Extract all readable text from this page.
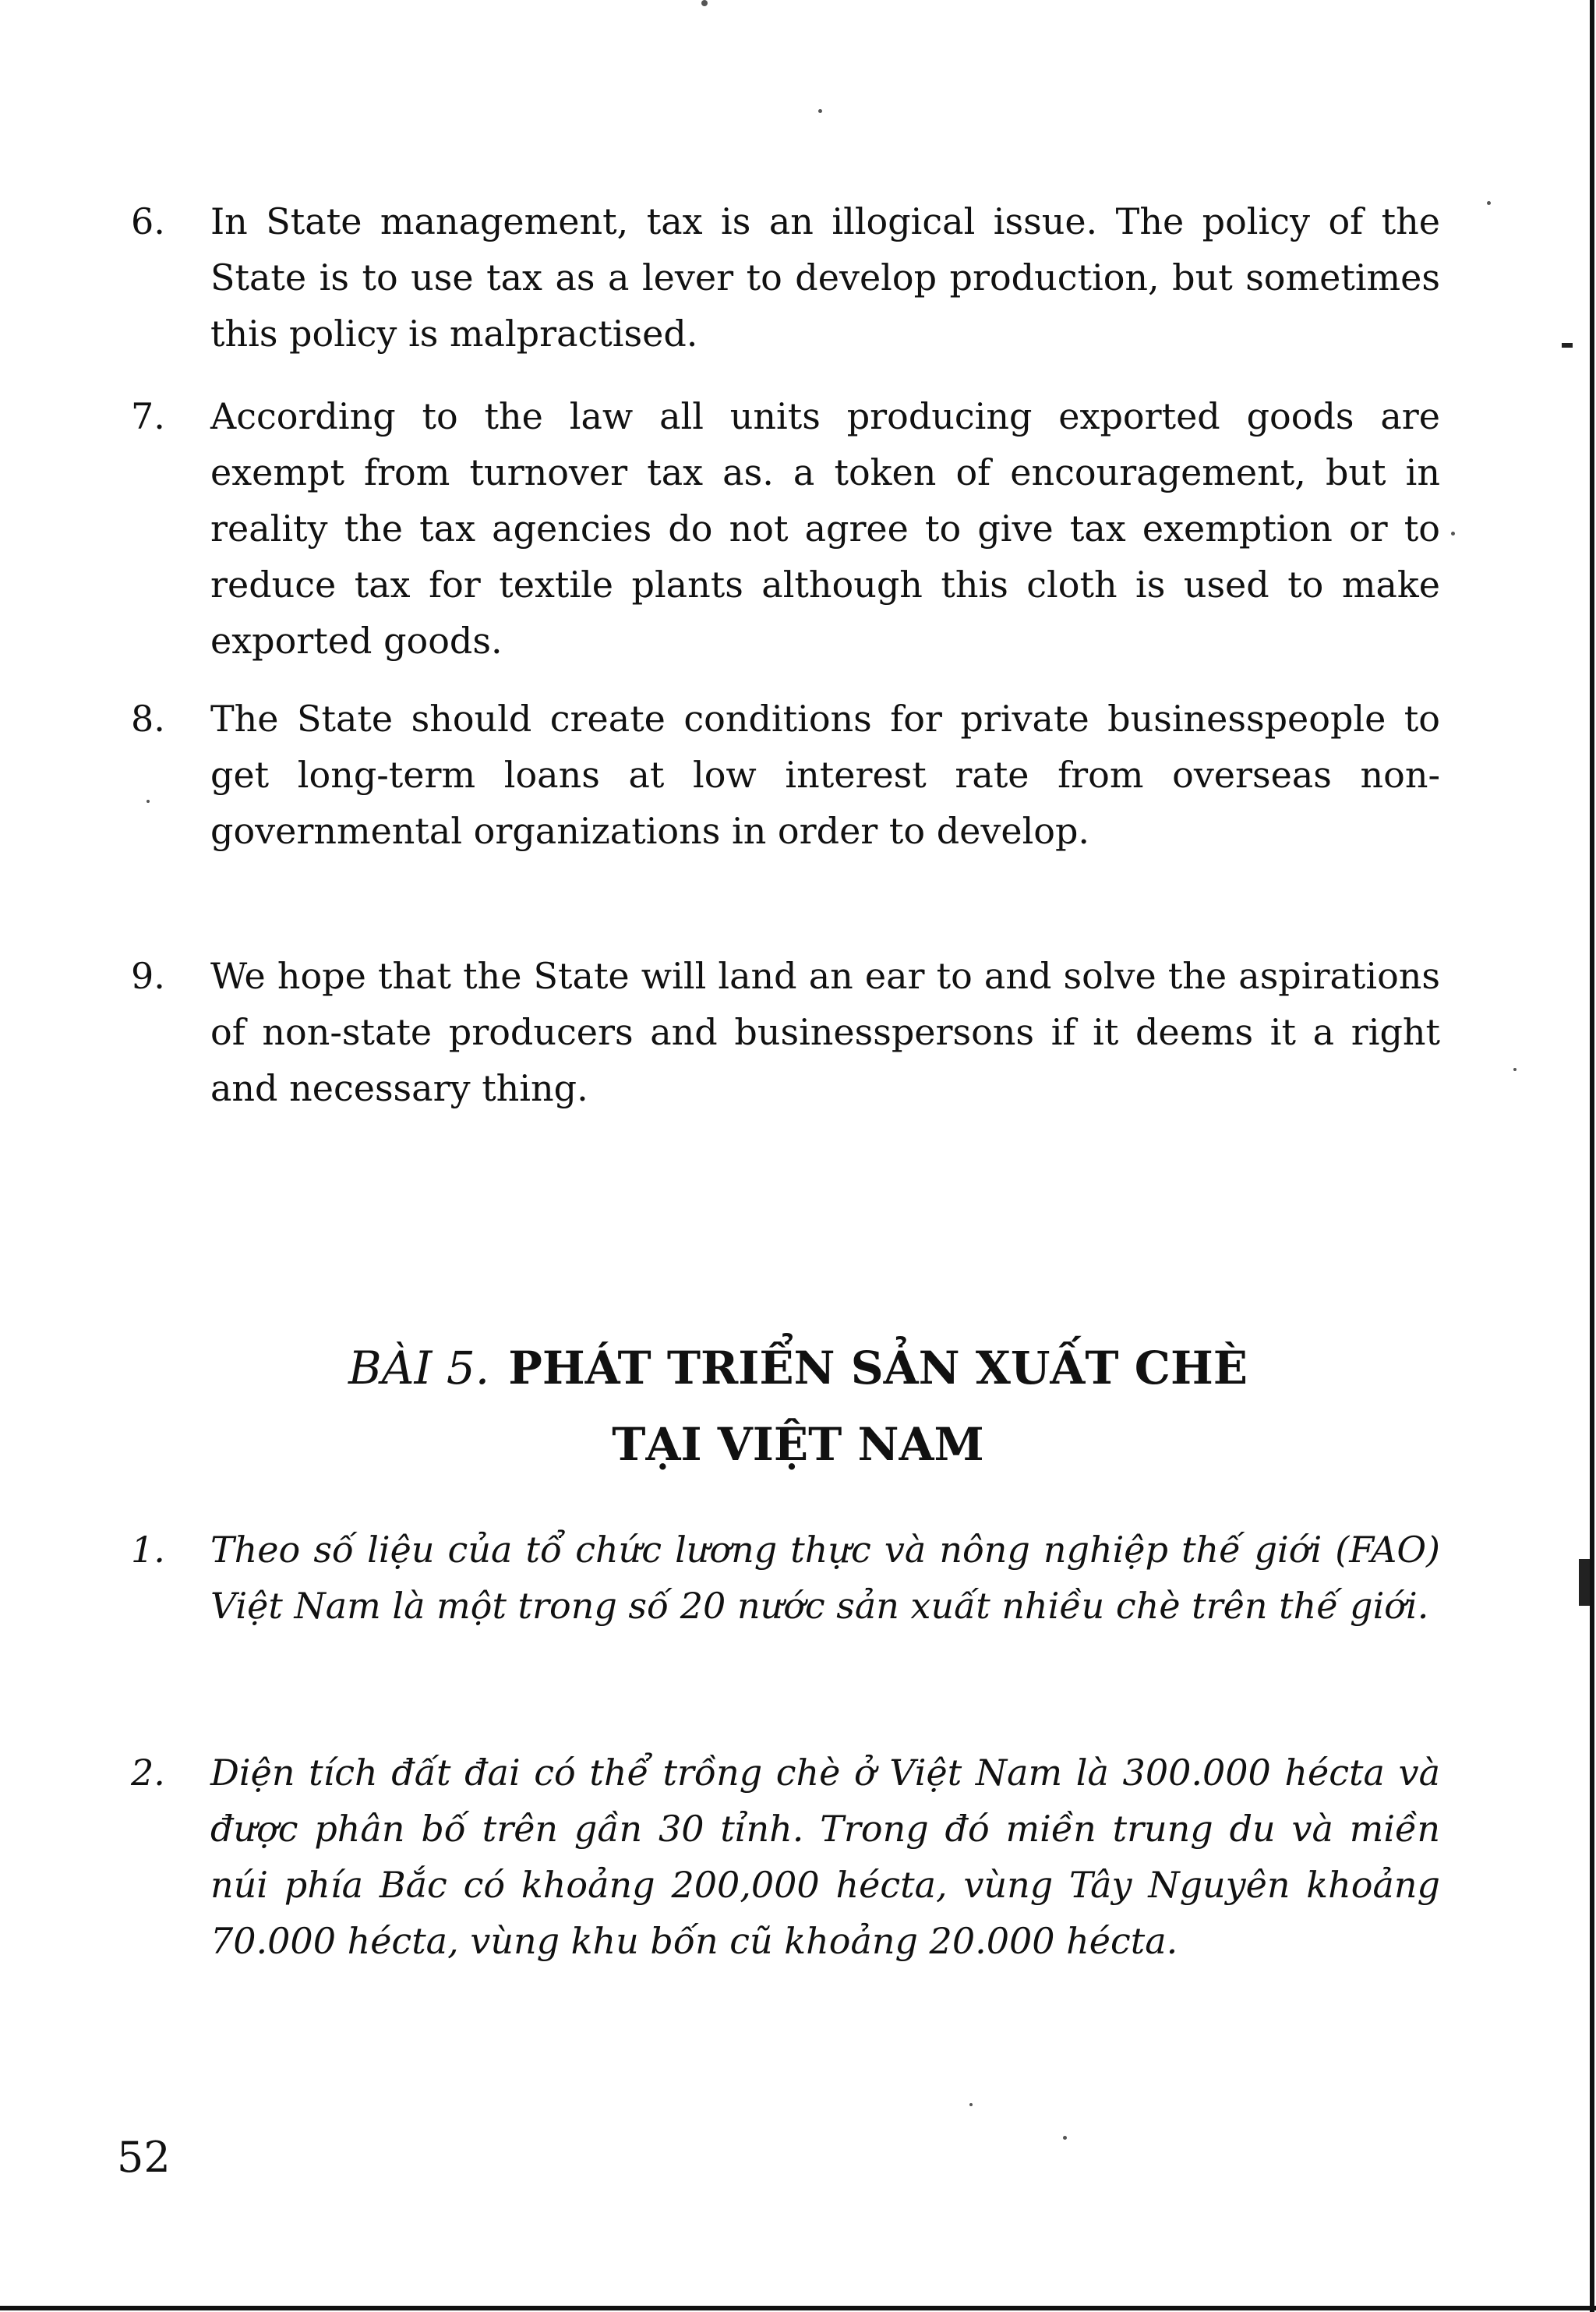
6.	In State management, tax is an illogical issue. The policy of the State is to use tax as a lever to develop production, but sometimes this policy is malpractised.
7.	According to the law all units producing exported goods are exempt from turnover tax as. a token of encouragement, but in reality the tax agencies do not agree to give tax exemption or to reduce tax for textile plants although this cloth is used to make exported goods.
8.	The State should create conditions for private businesspeople to get long-term loans at low interest rate from overseas non-governmental organizations in order to develop.
9.	We hope that the State will land an ear to and solve the aspirations of non-state producers and businesspersons if it deems it a right and necessary thing.
BÀI 5. PHÁT TRIỂN SẢN XUẤT CHÈ
TẠI VIỆT NAM
1.	Theo số liệu của tổ chức lương thực và nông nghiệp thế giới (FAO) Việt Nam là một trong số 20 nước sản xuất nhiều chè trên thế giới.
2.	Diện tích đất đai có thể trồng chè ở Việt Nam là 300.000 hécta và được phân bố trên gần 30 tỉnh. Trong đó miền trung du và miền núi phía Bắc có khoảng 200,000 hécta, vùng Tây Nguyên khoảng 70.000 hécta, vùng khu bốn cũ khoảng 20.000 hécta.
52
